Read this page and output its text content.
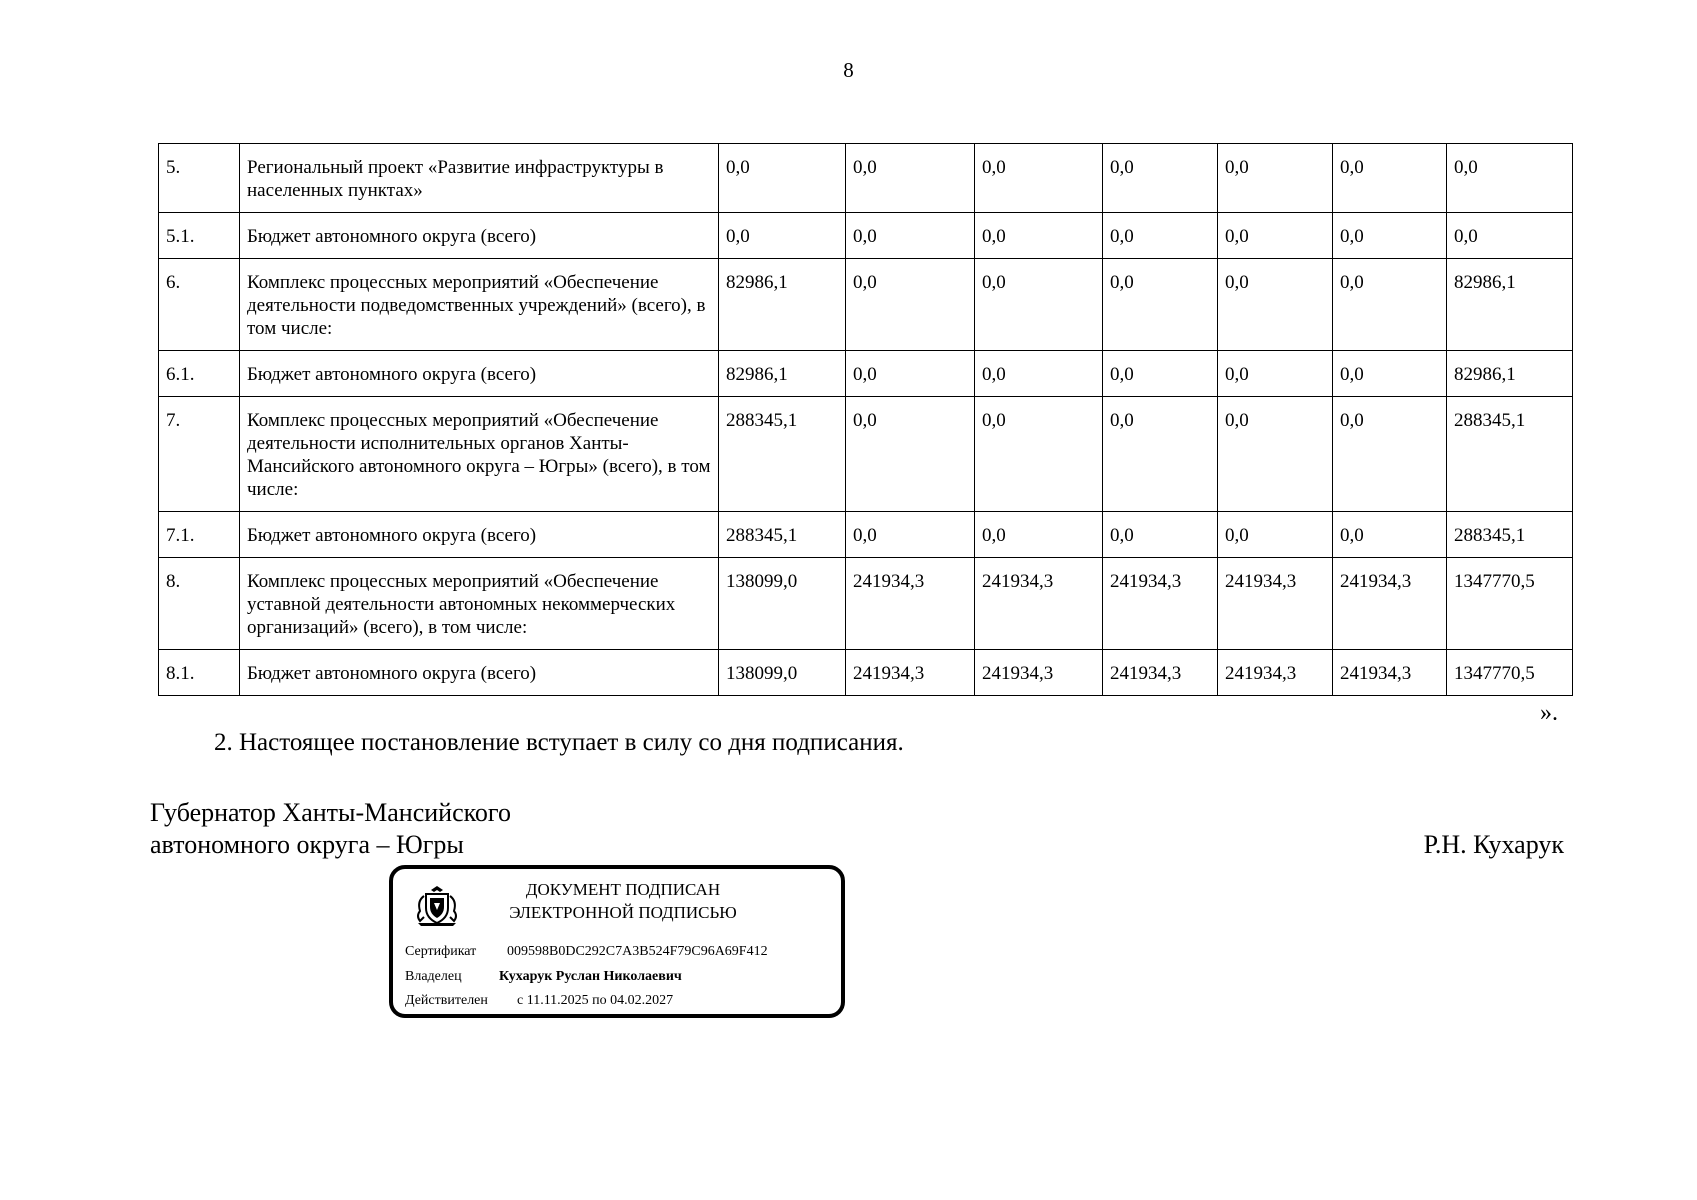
8
5.	Региональный проект «Развитие инфраструктуры в населенных пунктах»	0,0	0,0	0,0	0,0	0,0	0,0	0,0
5.1.	Бюджет автономного округа (всего)	0,0	0,0	0,0	0,0	0,0	0,0	0,0
6.	Комплекс процессных мероприятий «Обеспечение деятельности подведомственных учреждений» (всего), в том числе:	82986,1	0,0	0,0	0,0	0,0	0,0	82986,1
6.1.	Бюджет автономного округа (всего)	82986,1	0,0	0,0	0,0	0,0	0,0	82986,1
7.	Комплекс процессных мероприятий «Обеспечение деятельности исполнительных органов Ханты-Мансийского автономного округа – Югры» (всего), в том числе:	288345,1	0,0	0,0	0,0	0,0	0,0	288345,1
7.1.	Бюджет автономного округа (всего)	288345,1	0,0	0,0	0,0	0,0	0,0	288345,1
8.	Комплекс процессных мероприятий «Обеспечение уставной деятельности автономных некоммерческих организаций» (всего), в том числе:	138099,0	241934,3	241934,3	241934,3	241934,3	241934,3	1347770,5
8.1.	Бюджет автономного округа (всего)	138099,0	241934,3	241934,3	241934,3	241934,3	241934,3	1347770,5
».
2. Настоящее постановление вступает в силу со дня подписания.
Губернатор Ханты-Мансийского
автономного округа – Югры	Р.Н. Кухарук
ДОКУМЕНТ ПОДПИСАН
ЭЛЕКТРОННОЙ ПОДПИСЬЮ
Сертификат 009598B0DC292C7A3B524F79C96A69F412
Владелец	Кухарук Руслан Николаевич
Действителен с 11.11.2025 по 04.02.2027
